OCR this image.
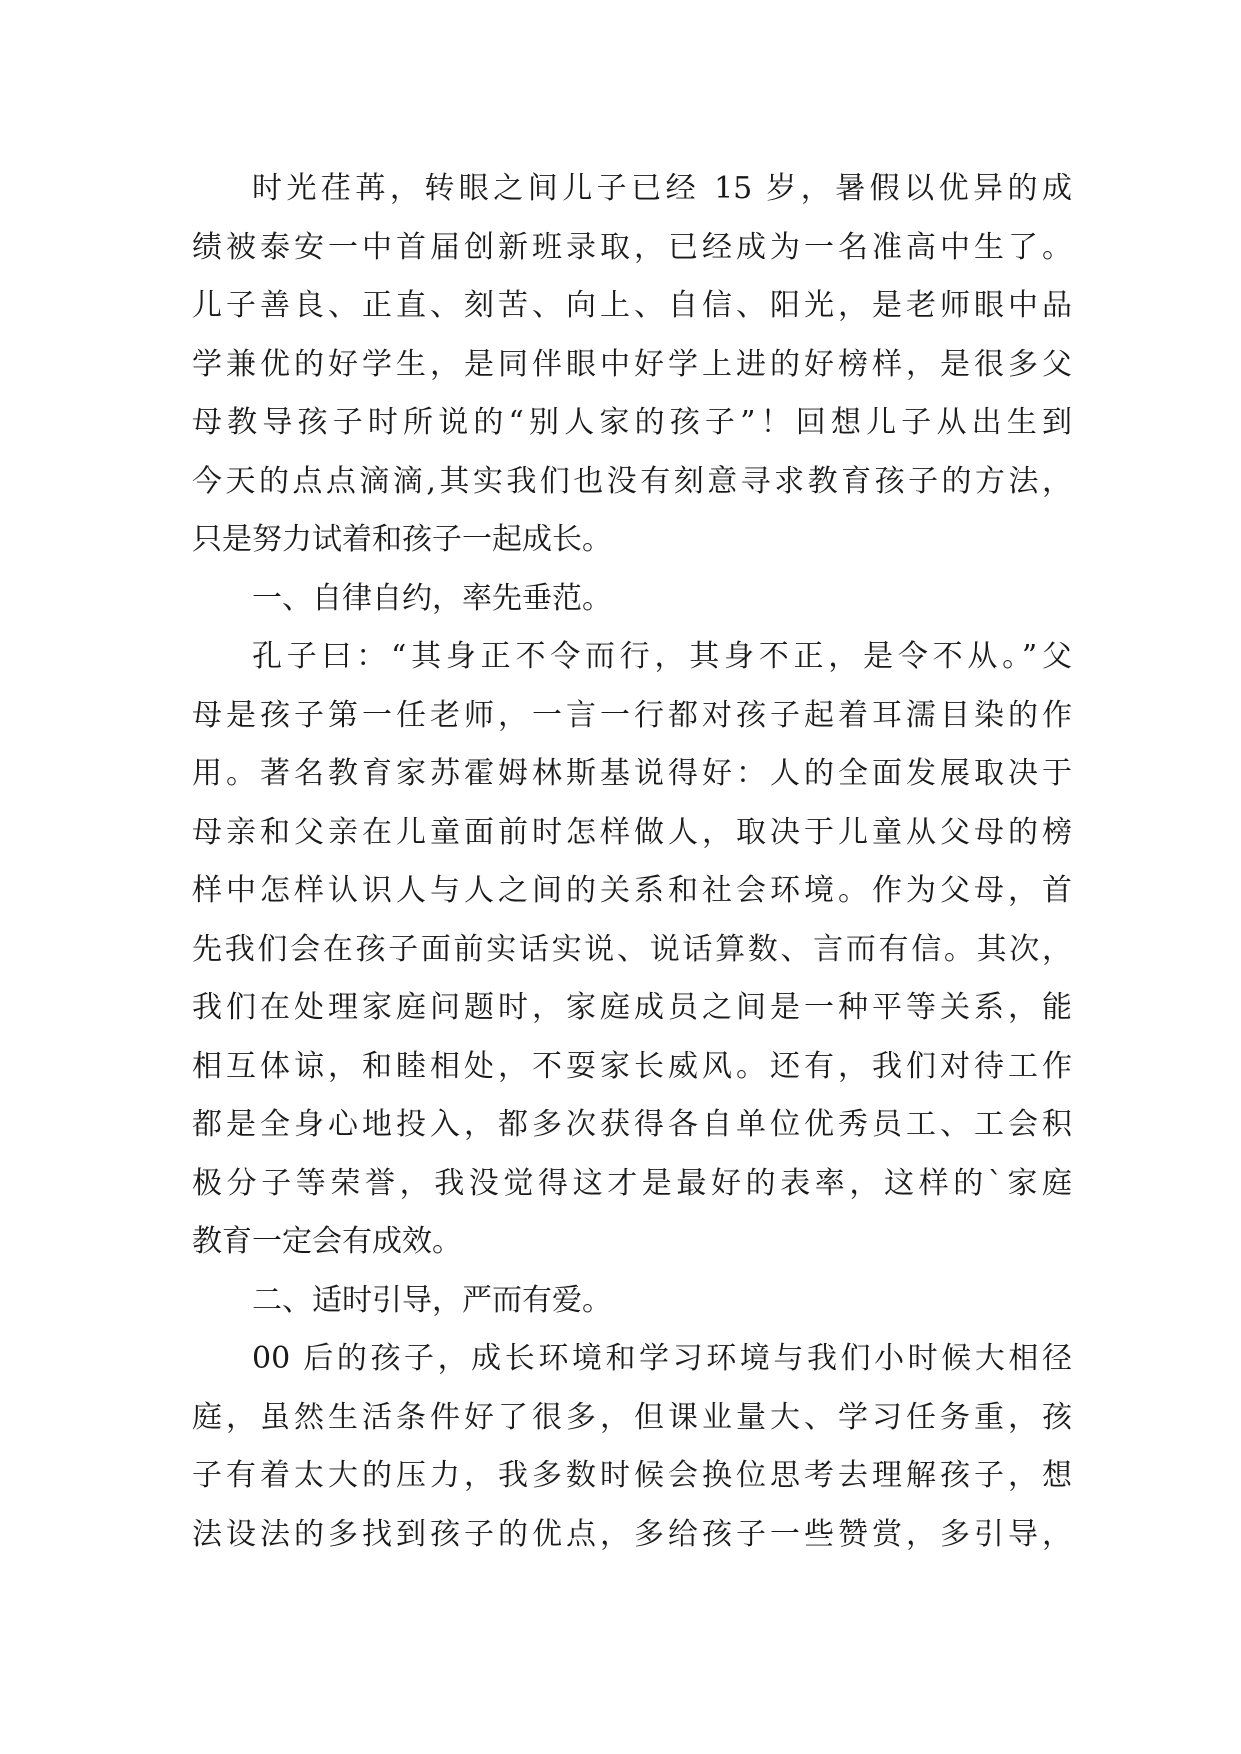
时光荏苒，转眼之间儿子已经 15 岁，暑假以优异的成
绩被泰安一中首届创新班录取，已经成为一名准高中生了。
儿子善良、正直、刻苦、向上、自信、阳光，是老师眼中品
学兼优的好学生，是同伴眼中好学上进的好榜样，是很多父
母教导孩子时所说的“别人家的孩子”！回想儿子从出生到
今天的点点滴滴,其实我们也没有刻意寻求教育孩子的方法，
只是努力试着和孩子一起成长。
一、自律自约，率先垂范。
孔子曰：“其身正不令而行，其身不正，是令不从。”父
母是孩子第一任老师，一言一行都对孩子起着耳濡目染的作
用。著名教育家苏霍姆林斯基说得好：人的全面发展取决于
母亲和父亲在儿童面前时怎样做人，取决于儿童从父母的榜
样中怎样认识人与人之间的关系和社会环境。作为父母，首
先我们会在孩子面前实话实说、说话算数、言而有信。其次，
我们在处理家庭问题时，家庭成员之间是一种平等关系，能
相互体谅，和睦相处，不耍家长威风。还有，我们对待工作
都是全身心地投入，都多次获得各自单位优秀员工、工会积
极分子等荣誉，我没觉得这才是最好的表率，这样的`家庭
教育一定会有成效。
二、适时引导，严而有爱。
00 后的孩子，成长环境和学习环境与我们小时候大相径
庭，虽然生活条件好了很多，但课业量大、学习任务重，孩
子有着太大的压力，我多数时候会换位思考去理解孩子，想
法设法的多找到孩子的优点，多给孩子一些赞赏，多引导，
